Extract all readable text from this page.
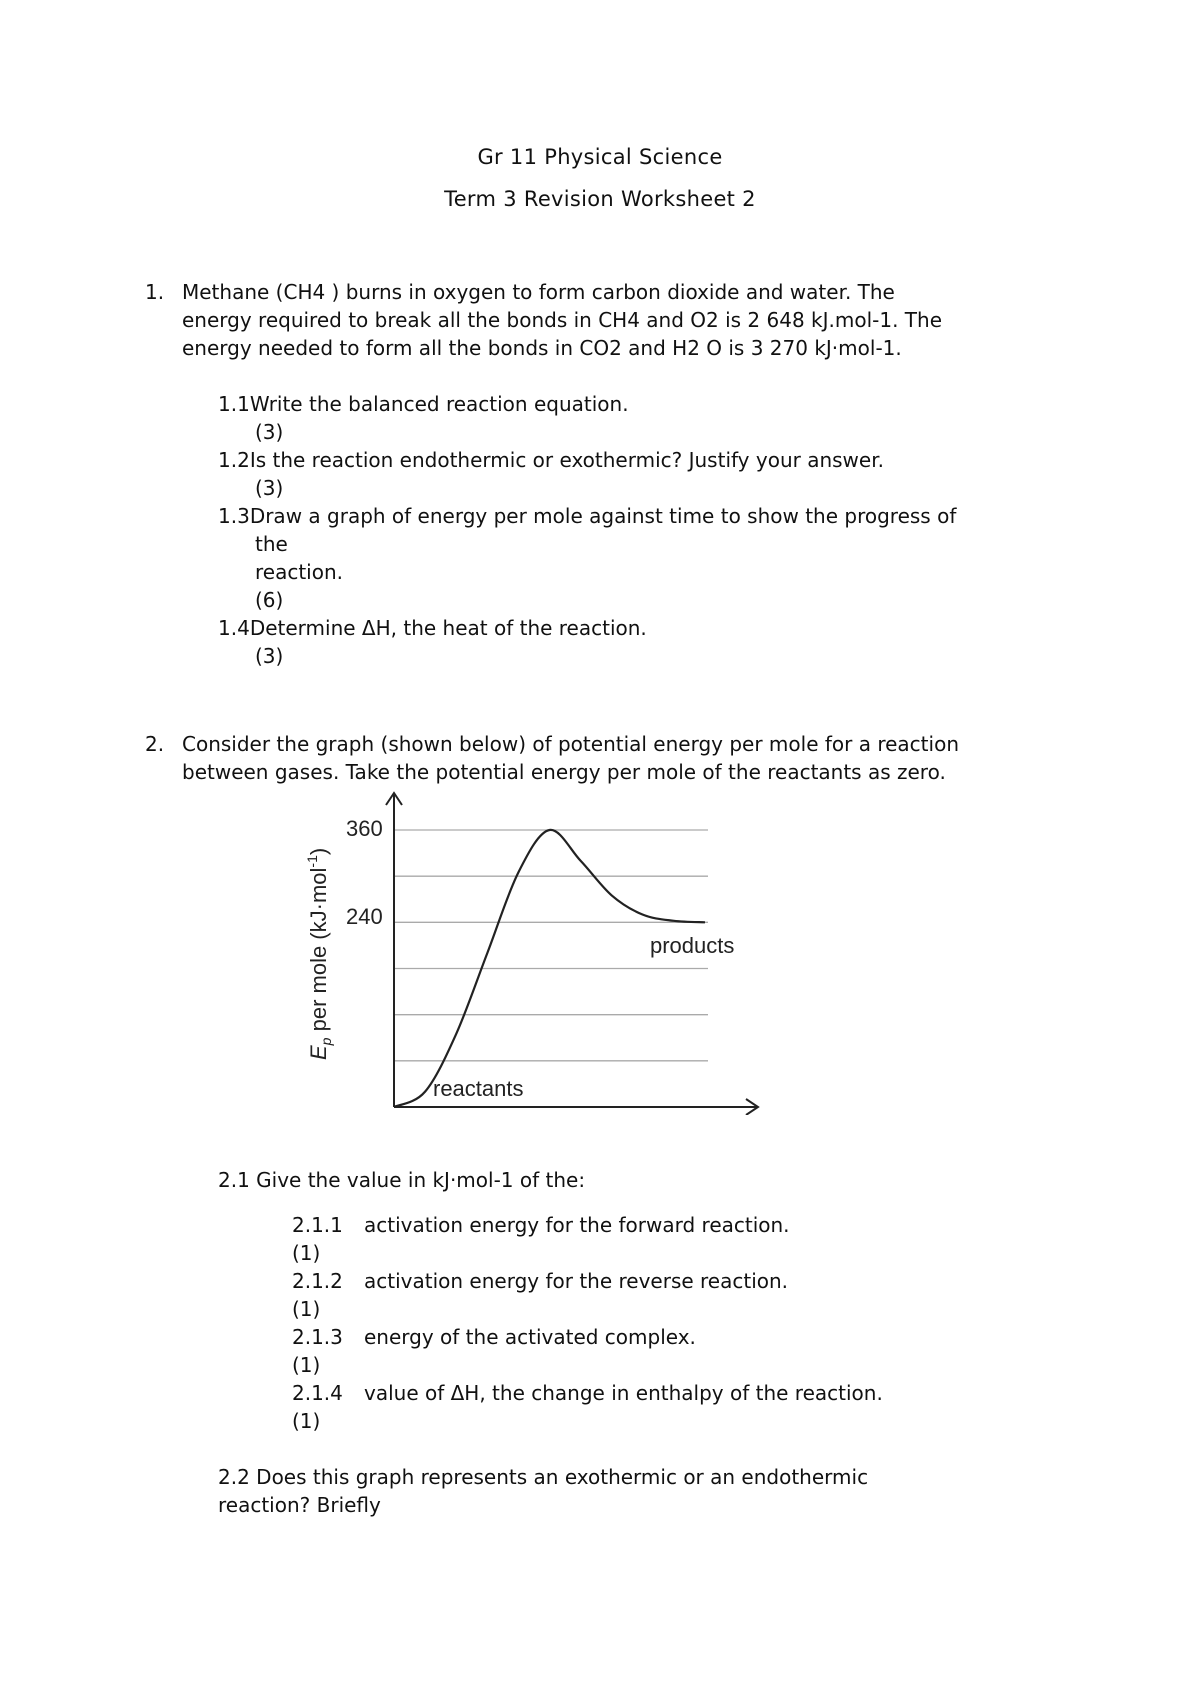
Gr 11 Physical Science
Term 3 Revision Worksheet 2
1. Methane (CH4 ) burns in oxygen to form carbon dioxide and water. The
energy required to break all the bonds in CH4 and O2 is 2 648 kJ.mol-1. The
energy needed to form all the bonds in CO2 and H2 O is 3 270 kJ·mol-1.
1.1Write the balanced reaction equation.
(3)
1.2Is the reaction endothermic or exothermic? Justify your answer.
(3)
1.3Draw a graph of energy per mole against time to show the progress of
the
reaction.
(6)
1.4Determine ΔH, the heat of the reaction.
(3)
2. Consider the graph (shown below) of potential energy per mole for a reaction
between gases. Take the potential energy per mole of the reactants as zero.
360
240
products
reactants
$E_p$ per mole (kJ·mol$^{-1}$)
2.1 Give the value in kJ·mol-1 of the:
2.1.1 activation energy for the forward reaction.
(1)
2.1.2 activation energy for the reverse reaction.
(1)
2.1.3 energy of the activated complex.
(1)
2.1.4 value of ΔH, the change in enthalpy of the reaction.
(1)
2.2 Does this graph represents an exothermic or an endothermic
reaction? Briefly
